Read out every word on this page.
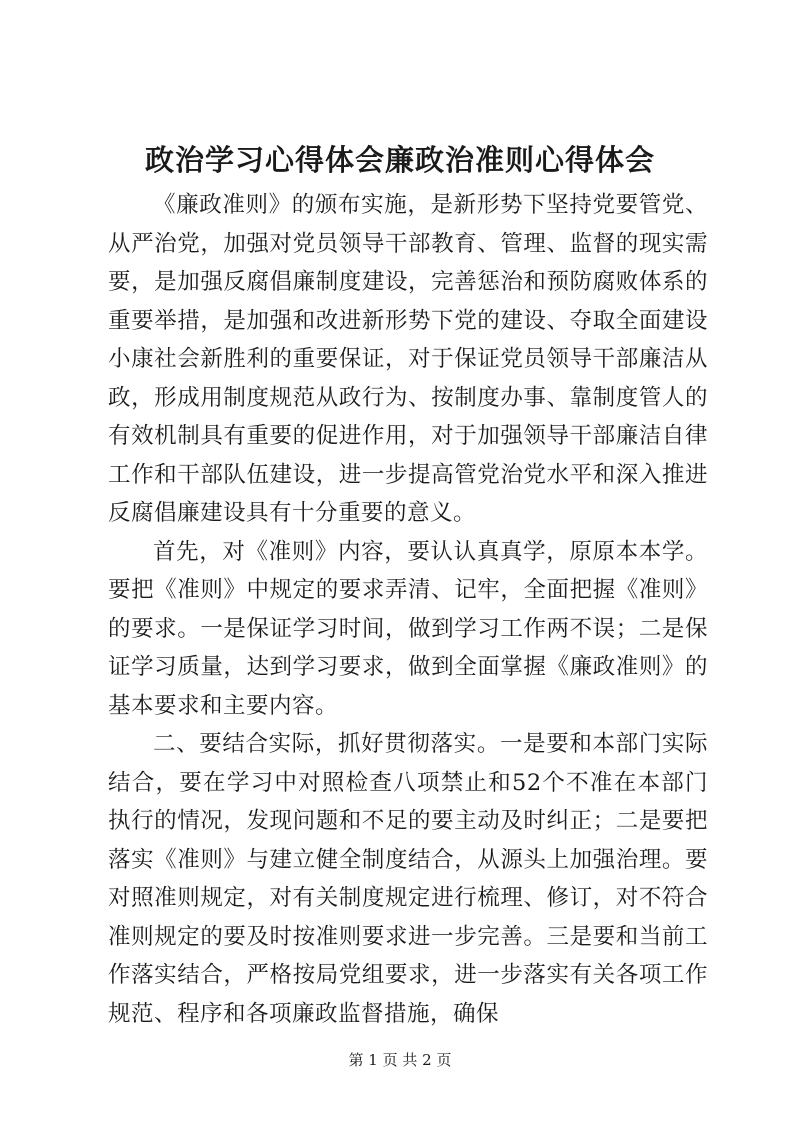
政治学习心得体会廉政治准则心得体会

《廉政准则》的颁布实施，是新形势下坚持党要管党、从严治党，加强对党员领导干部教育、管理、监督的现实需要，是加强反腐倡廉制度建设，完善惩治和预防腐败体系的重要举措，是加强和改进新形势下党的建设、夺取全面建设小康社会新胜利的重要保证，对于保证党员领导干部廉洁从政，形成用制度规范从政行为、按制度办事、靠制度管人的有效机制具有重要的促进作用，对于加强领导干部廉洁自律工作和干部队伍建设，进一步提高管党治党水平和深入推进反腐倡廉建设具有十分重要的意义。

首先，对《准则》内容，要认认真真学，原原本本学。要把《准则》中规定的要求弄清、记牢，全面把握《准则》的要求。一是保证学习时间，做到学习工作两不误；二是保证学习质量，达到学习要求，做到全面掌握《廉政准则》的基本要求和主要内容。

二、要结合实际，抓好贯彻落实。一是要和本部门实际结合，要在学习中对照检查八项禁止和52个不准在本部门执行的情况，发现问题和不足的要主动及时纠正；二是要把落实《准则》与建立健全制度结合，从源头上加强治理。要对照准则规定，对有关制度规定进行梳理、修订，对不符合准则规定的要及时按准则要求进一步完善。三是要和当前工作落实结合，严格按局党组要求，进一步落实有关各项工作规范、程序和各项廉政监督措施，确保

第 1 页 共 2 页
